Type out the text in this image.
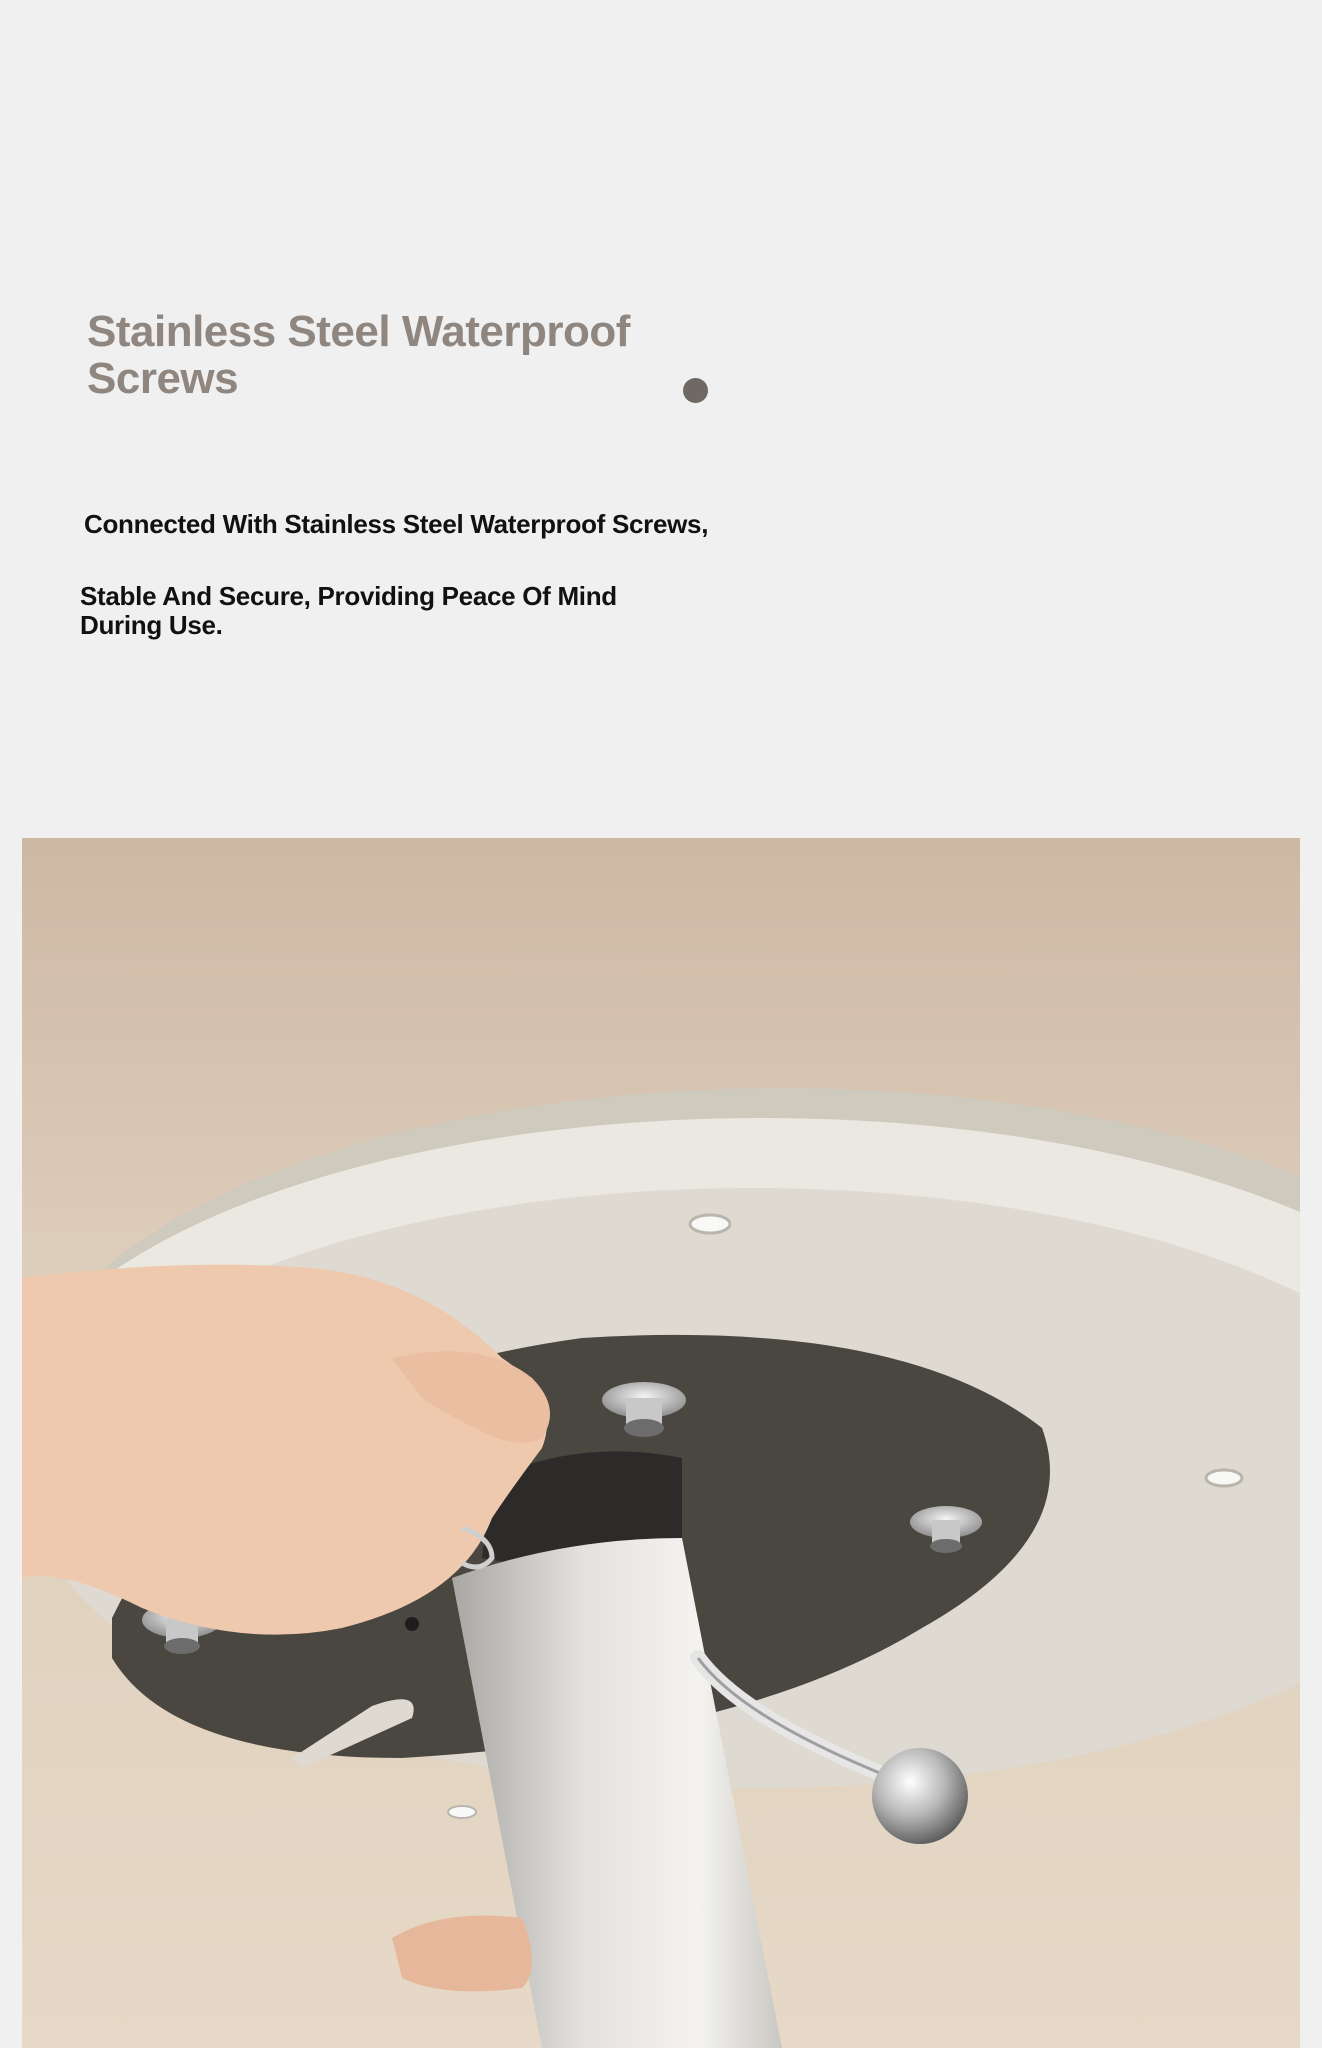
Stainless Steel Waterproof Screws

Connected With Stainless Steel Waterproof Screws,

Stable And Secure, Providing Peace Of Mind During Use.
